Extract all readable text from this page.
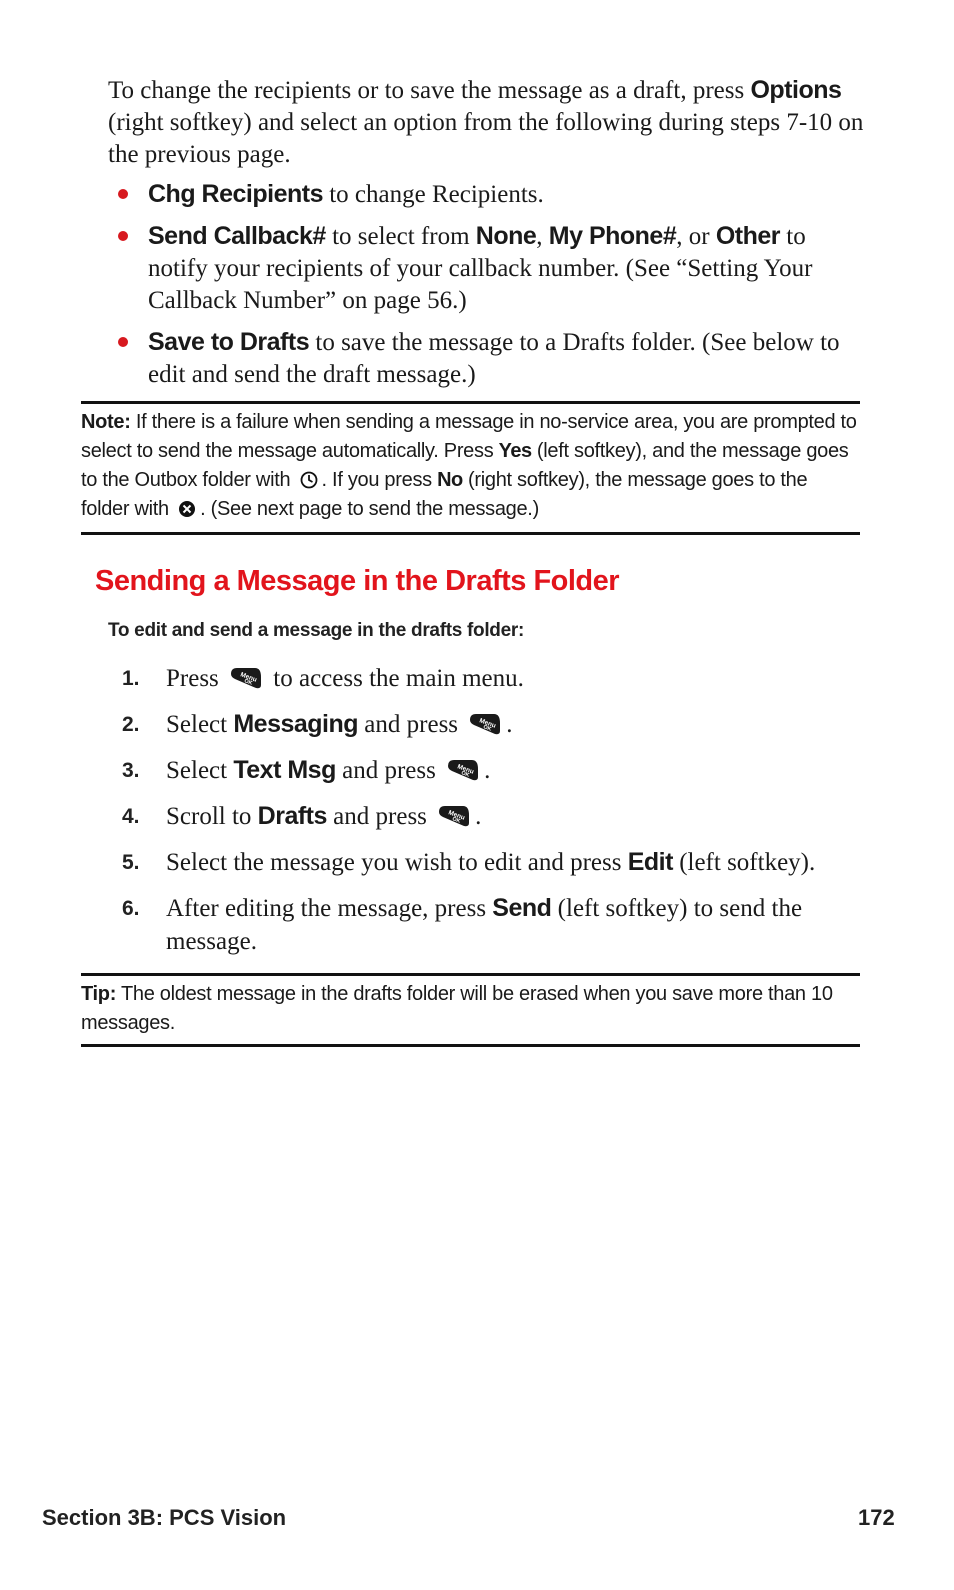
To change the recipients or to save the message as a draft, press Options (right softkey) and select an option from the following during steps 7-10 on the previous page.
Chg Recipients to change Recipients.
Send Callback# to select from None, My Phone#, or Other to notify your recipients of your callback number. (See “Setting Your Callback Number” on page 56.)
Save to Drafts to save the message to a Drafts folder. (See below to edit and send the draft message.)
Note: If there is a failure when sending a message in no-service area, you are prompted to select to send the message automatically. Press Yes (left softkey), and the message goes to the Outbox folder with . If you press No (right softkey), the message goes to the folder with . (See next page to send the message.)
Sending a Message in the Drafts Folder
To edit and send a message in the drafts folder:
1. Press  to access the main menu.
2. Select Messaging and press .
3. Select Text Msg and press .
4. Scroll to Drafts and press .
5. Select the message you wish to edit and press Edit (left softkey).
6. After editing the message, press Send (left softkey) to send the message.
Tip: The oldest message in the drafts folder will be erased when you save more than 10 messages.
Section 3B: PCS Vision	172
